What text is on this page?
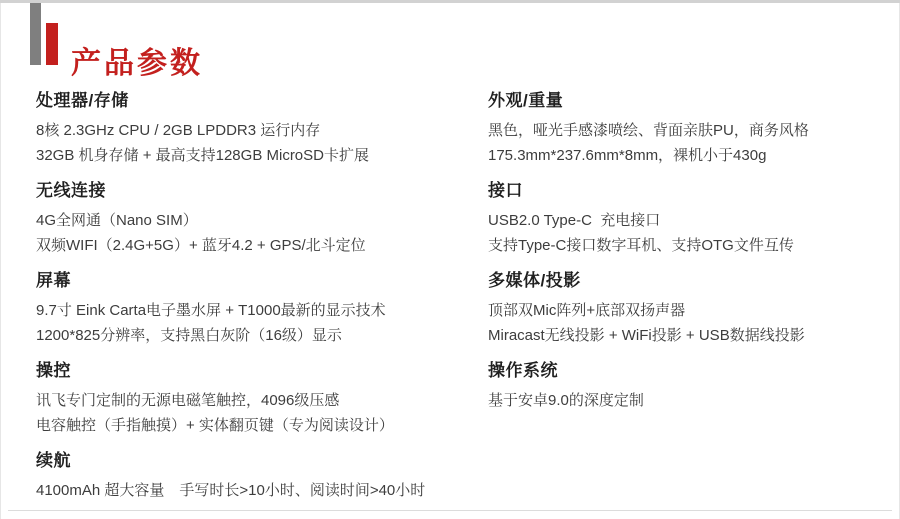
产品参数
处理器/存储

8核 2.3GHz CPU / 2GB LPDDR3 运行内存

32GB 机身存储 + 最高支持128GB MicroSD卡扩展

无线连接

4G全网通（Nano SIM）

双频WIFI（2.4G+5G）+ 蓝牙4.2 + GPS/北斗定位

屏幕

9.7寸 Eink Carta电子墨水屏 + T1000最新的显示技术

1200*825分辨率，支持黑白灰阶（16级）显示

操控

讯飞专门定制的无源电磁笔触控，4096级压感

电容触控（手指触摸）+ 实体翻页键（专为阅读设计）

续航

4100mAh 超大容量　手写时长>10小时、阅读时间>40小时

外观/重量

黑色，哑光手感漆喷绘、背面亲肤PU，商务风格

175.3mm*237.6mm*8mm，裸机小于430g

接口

USB2.0 Type-C  充电接口

支持Type-C接口数字耳机、支持OTG文件互传

多媒体/投影

顶部双Mic阵列+底部双扬声器

Miracast无线投影 + WiFi投影 + USB数据线投影

操作系统

基于安卓9.0的深度定制
